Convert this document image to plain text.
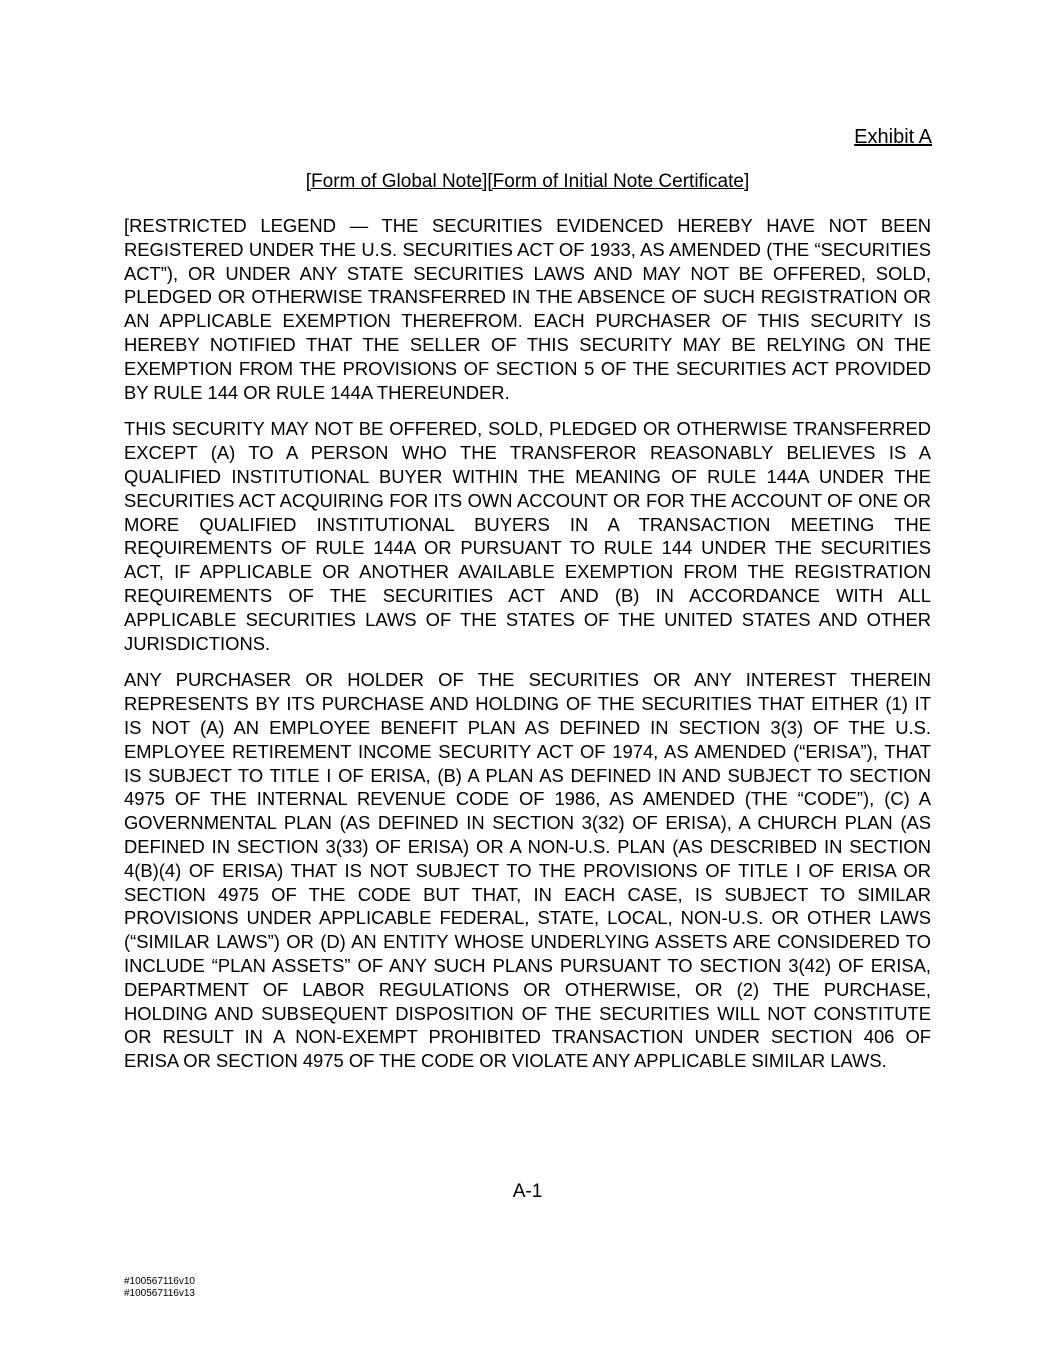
Exhibit A
[Form of Global Note][Form of Initial Note Certificate]

[RESTRICTED LEGEND — THE SECURITIES EVIDENCED HEREBY HAVE NOT BEEN REGISTERED UNDER THE U.S. SECURITIES ACT OF 1933, AS AMENDED (THE “SECURITIES ACT”), OR UNDER ANY STATE SECURITIES LAWS AND MAY NOT BE OFFERED, SOLD, PLEDGED OR OTHERWISE TRANSFERRED IN THE ABSENCE OF SUCH REGISTRATION OR AN APPLICABLE EXEMPTION THEREFROM. EACH PURCHASER OF THIS SECURITY IS HEREBY NOTIFIED THAT THE SELLER OF THIS SECURITY MAY BE RELYING ON THE EXEMPTION FROM THE PROVISIONS OF SECTION 5 OF THE SECURITIES ACT PROVIDED BY RULE 144 OR RULE 144A THEREUNDER.

THIS SECURITY MAY NOT BE OFFERED, SOLD, PLEDGED OR OTHERWISE TRANSFERRED EXCEPT (A) TO A PERSON WHO THE TRANSFEROR REASONABLY BELIEVES IS A QUALIFIED INSTITUTIONAL BUYER WITHIN THE MEANING OF RULE 144A UNDER THE SECURITIES ACT ACQUIRING FOR ITS OWN ACCOUNT OR FOR THE ACCOUNT OF ONE OR MORE QUALIFIED INSTITUTIONAL BUYERS IN A TRANSACTION MEETING THE REQUIREMENTS OF RULE 144A OR PURSUANT TO RULE 144 UNDER THE SECURITIES ACT, IF APPLICABLE OR ANOTHER AVAILABLE EXEMPTION FROM THE REGISTRATION REQUIREMENTS OF THE SECURITIES ACT AND (B) IN ACCORDANCE WITH ALL APPLICABLE SECURITIES LAWS OF THE STATES OF THE UNITED STATES AND OTHER JURISDICTIONS.

ANY PURCHASER OR HOLDER OF THE SECURITIES OR ANY INTEREST THEREIN REPRESENTS BY ITS PURCHASE AND HOLDING OF THE SECURITIES THAT EITHER (1) IT IS NOT (A) AN EMPLOYEE BENEFIT PLAN AS DEFINED IN SECTION 3(3) OF THE U.S. EMPLOYEE RETIREMENT INCOME SECURITY ACT OF 1974, AS AMENDED (“ERISA”), THAT IS SUBJECT TO TITLE I OF ERISA, (B) A PLAN AS DEFINED IN AND SUBJECT TO SECTION 4975 OF THE INTERNAL REVENUE CODE OF 1986, AS AMENDED (THE “CODE”), (C) A GOVERNMENTAL PLAN (AS DEFINED IN SECTION 3(32) OF ERISA), A CHURCH PLAN (AS DEFINED IN SECTION 3(33) OF ERISA) OR A NON-U.S. PLAN (AS DESCRIBED IN SECTION 4(B)(4) OF ERISA) THAT IS NOT SUBJECT TO THE PROVISIONS OF TITLE I OF ERISA OR SECTION 4975 OF THE CODE BUT THAT, IN EACH CASE, IS SUBJECT TO SIMILAR PROVISIONS UNDER APPLICABLE FEDERAL, STATE, LOCAL, NON-U.S. OR OTHER LAWS (“SIMILAR LAWS”) OR (D) AN ENTITY WHOSE UNDERLYING ASSETS ARE CONSIDERED TO INCLUDE “PLAN ASSETS” OF ANY SUCH PLANS PURSUANT TO SECTION 3(42) OF ERISA, DEPARTMENT OF LABOR REGULATIONS OR OTHERWISE, OR (2) THE PURCHASE, HOLDING AND SUBSEQUENT DISPOSITION OF THE SECURITIES WILL NOT CONSTITUTE OR RESULT IN A NON-EXEMPT PROHIBITED TRANSACTION UNDER SECTION 406 OF ERISA OR SECTION 4975 OF THE CODE OR VIOLATE ANY APPLICABLE SIMILAR LAWS.

A-1
#100567116v10
#100567116v13
